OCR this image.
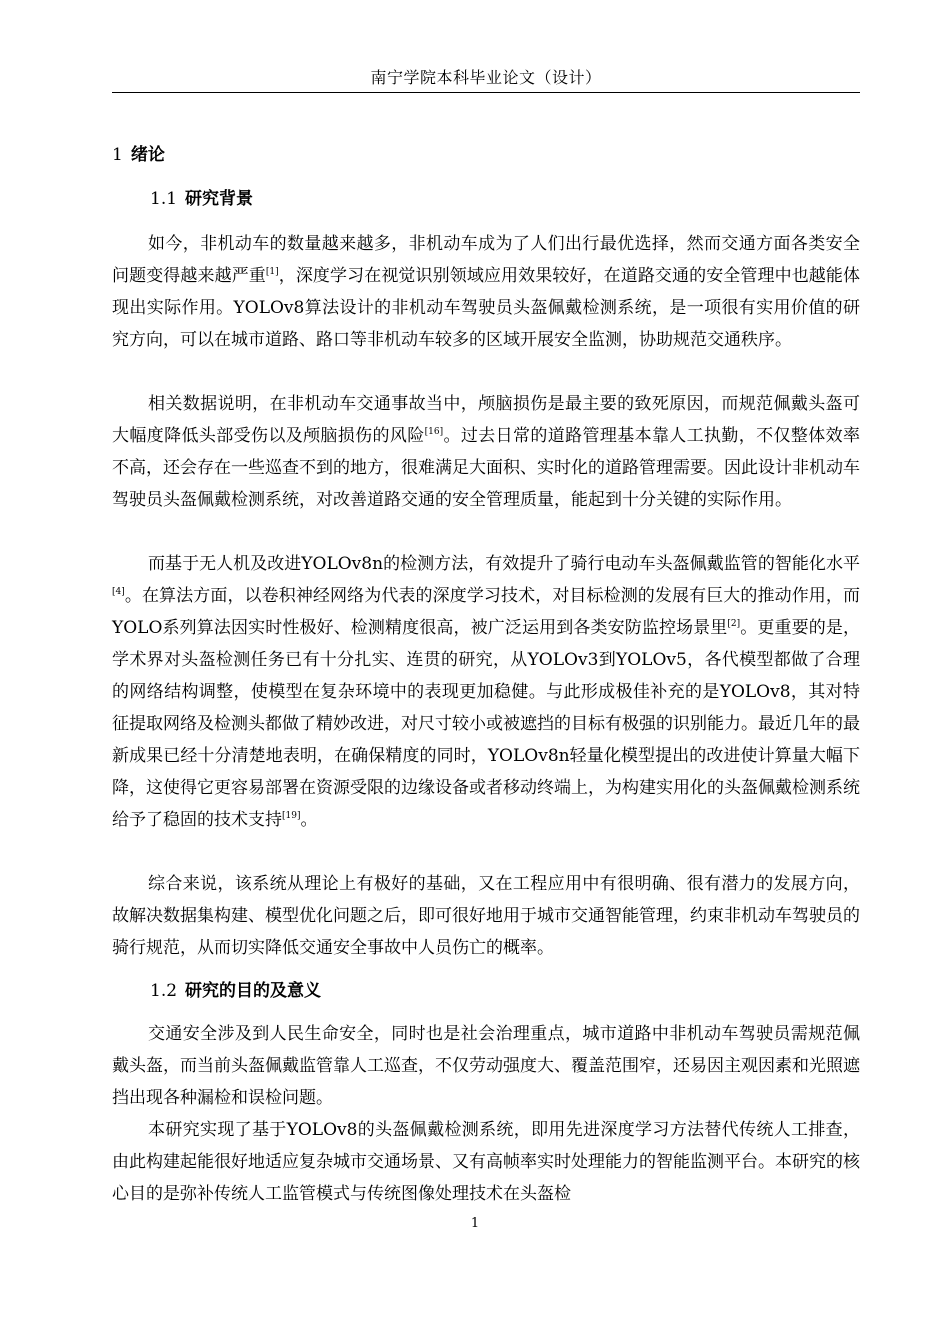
南宁学院本科毕业论文（设计）
1 绪论
1.1 研究背景

如今，非机动车的数量越来越多，非机动车成为了人们出行最优选择，然而交通方面各类安全问题变得越来越严重[1]，深度学习在视觉识别领域应用效果较好，在道路交通的安全管理中也越能体现出实际作用。YOLOv8算法设计的非机动车驾驶员头盔佩戴检测系统，是一项很有实用价值的研究方向，可以在城市道路、路口等非机动车较多的区域开展安全监测，协助规范交通秩序。

相关数据说明，在非机动车交通事故当中，颅脑损伤是最主要的致死原因，而规范佩戴头盔可大幅度降低头部受伤以及颅脑损伤的风险[16]。过去日常的道路管理基本靠人工执勤，不仅整体效率不高，还会存在一些巡查不到的地方，很难满足大面积、实时化的道路管理需要。因此设计非机动车驾驶员头盔佩戴检测系统，对改善道路交通的安全管理质量，能起到十分关键的实际作用。

而基于无人机及改进YOLOv8n的检测方法，有效提升了骑行电动车头盔佩戴监管的智能化水平[4]。在算法方面，以卷积神经网络为代表的深度学习技术，对目标检测的发展有巨大的推动作用，而YOLO系列算法因实时性极好、检测精度很高，被广泛运用到各类安防监控场景里[2]。更重要的是，学术界对头盔检测任务已有十分扎实、连贯的研究，从YOLOv3到YOLOv5，各代模型都做了合理的网络结构调整，使模型在复杂环境中的表现更加稳健。与此形成极佳补充的是YOLOv8，其对特征提取网络及检测头都做了精妙改进，对尺寸较小或被遮挡的目标有极强的识别能力。最近几年的最新成果已经十分清楚地表明，在确保精度的同时，YOLOv8n轻量化模型提出的改进使计算量大幅下降，这使得它更容易部署在资源受限的边缘设备或者移动终端上，为构建实用化的头盔佩戴检测系统给予了稳固的技术支持[19]。

综合来说，该系统从理论上有极好的基础，又在工程应用中有很明确、很有潜力的发展方向，故解决数据集构建、模型优化问题之后，即可很好地用于城市交通智能管理，约束非机动车驾驶员的骑行规范，从而切实降低交通安全事故中人员伤亡的概率。

1.2 研究的目的及意义

交通安全涉及到人民生命安全，同时也是社会治理重点，城市道路中非机动车驾驶员需规范佩戴头盔，而当前头盔佩戴监管靠人工巡查，不仅劳动强度大、覆盖范围窄，还易因主观因素和光照遮挡出现各种漏检和误检问题。

本研究实现了基于YOLOv8的头盔佩戴检测系统，即用先进深度学习方法替代传统人工排查，由此构建起能很好地适应复杂城市交通场景、又有高帧率实时处理能力的智能监测平台。本研究的核心目的是弥补传统人工监管模式与传统图像处理技术在头盔检

1
